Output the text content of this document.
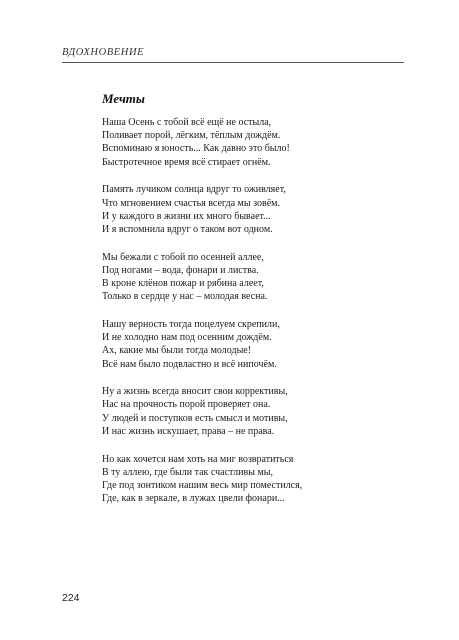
ВДОХНОВЕНИЕ
Мечты
Наша Осень с тобой всё ещё не остыла,
Поливает порой, лёгким, тёплым дождём.
Вспоминаю я юность... Как давно это было!
Быстротечное время всё стирает огнём.
Память лучиком солнца вдруг то оживляет,
Что мгновением счастья всегда мы зовём.
И у каждого в жизни их много бывает...
И я вспомнила вдруг о таком вот одном.
Мы бежали с тобой по осенней аллее,
Под ногами – вода, фонари и листва.
В кроне клёнов пожар и рябина алеет,
Только в сердце у нас – молодая весна.
Нашу верность тогда поцелуем скрепили,
И не холодно нам под осенним дождём.
Ах, какие мы были тогда молодые!
Всё нам было подвластно и всё нипочём.
Ну а жизнь всегда вносит свои коррективы,
Нас на прочность порой проверяет она.
У людей и поступков есть смысл и мотивы,
И нас жизнь искушает, права – не права.
Но как хочется нам хоть на миг возвратиться
В ту аллею, где были так счастливы мы,
Где под зонтиком нашим весь мир поместился,
Где, как в зеркале, в лужах цвели фонари...
224
